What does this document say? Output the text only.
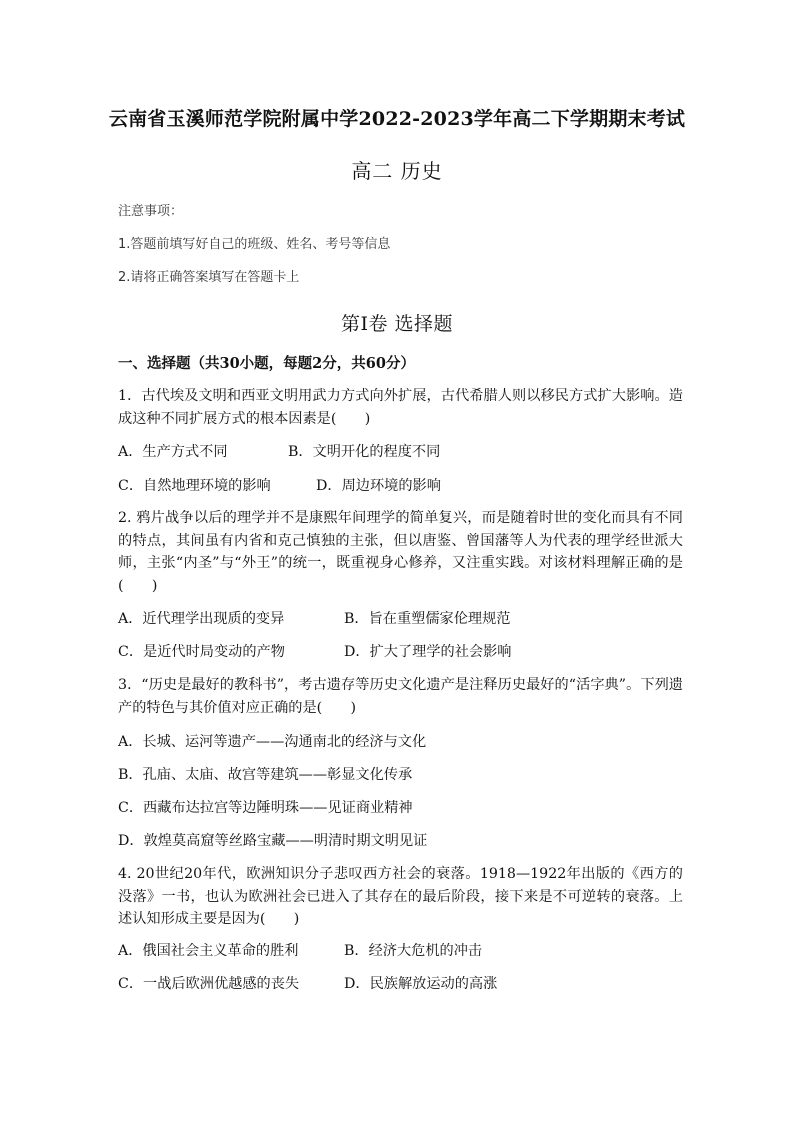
云南省玉溪师范学院附属中学2022-2023学年高二下学期期末考试
高二 历史
注意事项：
1.答题前填写好自己的班级、姓名、考号等信息
2.请将正确答案填写在答题卡上
第Ⅰ卷 选择题
一、选择题（共30小题，每题2分，共60分）
1．古代埃及文明和西亚文明用武力方式向外扩展，古代希腊人则以移民方式扩大影响。造成这种不同扩展方式的根本因素是(　　)
A．生产方式不同	B．文明开化的程度不同
C．自然地理环境的影响	D．周边环境的影响
2. 鸦片战争以后的理学并不是康熙年间理学的简单复兴，而是随着时世的变化而具有不同的特点，其间虽有内省和克己慎独的主张，但以唐鉴、曾国藩等人为代表的理学经世派大师，主张“内圣”与“外王”的统一，既重视身心修养，又注重实践。对该材料理解正确的是(　　)
A．近代理学出现质的变异	B．旨在重塑儒家伦理规范
C．是近代时局变动的产物	D．扩大了理学的社会影响
3．“历史是最好的教科书”，考古遗存等历史文化遗产是注释历史最好的“活字典”。下列遗产的特色与其价值对应正确的是(　　)
A．长城、运河等遗产——沟通南北的经济与文化
B．孔庙、太庙、故宫等建筑——彰显文化传承
C．西藏布达拉宫等边陲明珠——见证商业精神
D．敦煌莫高窟等丝路宝藏——明清时期文明见证
4. 20世纪20年代，欧洲知识分子悲叹西方社会的衰落。1918—1922年出版的《西方的没落》一书，也认为欧洲社会已进入了其存在的最后阶段，接下来是不可逆转的衰落。上述认知形成主要是因为(　　)
A．俄国社会主义革命的胜利	B．经济大危机的冲击
C．一战后欧洲优越感的丧失	D．民族解放运动的高涨
